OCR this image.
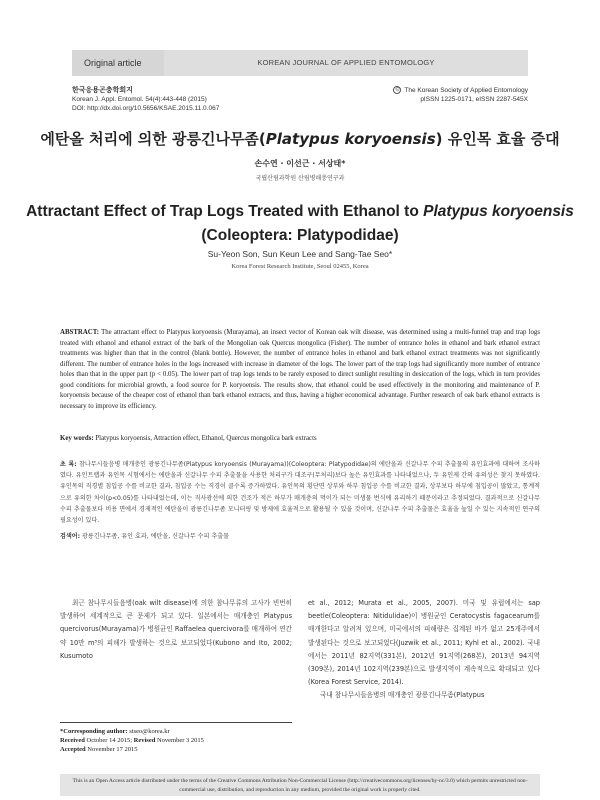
Original article	KOREAN JOURNAL OF APPLIED ENTOMOLOGY
한국응용곤충학회지
Korean J. Appl. Entomol. 54(4):443-448 (2015)
DOI: http://dx.doi.org/10.5656/KSAE.2015.11.0.067
© The Korean Society of Applied Entomology
pISSN 1225-0171, eISSN 2287-545X
에탄올 처리에 의한 광릉긴나무좀(Platypus koryoensis) 유인목 효율 증대
손수연 · 이선근 · 서상태*
국립산림과학원 산림병해충연구과
Attractant Effect of Trap Logs Treated with Ethanol to Platypus koryoensis
(Coleoptera: Platypodidae)
Su-Yeon Son, Sun Keun Lee and Sang-Tae Seo*
Korea Forest Research Institute, Seoul 02455, Korea
ABSTRACT: The attractant effect to Platypus koryoensis (Murayama), an insect vector of Korean oak wilt disease, was determined using a multi-funnel trap and trap logs treated with ethanol and ethanol extract of the bark of the Mongolian oak Quercus mongolica (Fisher). The number of entrance holes in ethanol and bark ethanol extract treatments was higher than that in the control (blank bottle). However, the number of entrance holes in ethanol and bark ethanol extract treatments was not significantly different. The number of entrance holes in the logs increased with increase in diameter of the logs. The lower part of the trap logs had significantly more number of entrance holes than that in the upper part (p < 0.05). The lower part of trap logs tends to be rarely exposed to direct sunlight resulting in desiccation of the logs, which in turn provides good conditions for microbial growth, a food source for P. koryoensis. The results show, that ethanol could be used effectively in the monitoring and maintenance of P. koryoensis because of the cheaper cost of ethanol than bark ethanol extracts, and thus, having a higher economical advantage. Further research of oak bark ethanol extracts is necessary to improve its efficiency.
Key words: Platypus koryoensis, Attraction effect, Ethanol, Quercus mongolica bark extracts
초 록: 참나무시들음병 매개충인 광릉긴나무좀(Platypus koryoensis (Murayama))(Coleoptera: Platypodidae)의 에탄올과 신갈나무 수피 추출물의 유인효과에 대하여 조사하였다. 유인트랩과 유인목 시험에서는 에탄올과 신갈나무 수피 추출물을 사용한 처리구가 대조구(무처리)보다 높은 유인효과를 나타내었으나, 두 유인제 간의 유의성은 찾지 못하였다. 유인목의 직경별 침입공 수를 비교한 결과, 침입공 수는 직경이 클수록 증가하였다. 유인목의 횡단면 상부와 하부 침입공 수를 비교한 결과, 상부보다 하부에 침입공이 많았고, 통계적으로 유의한 차이(p<0.05)를 나타내었는데, 이는 직사광선에 의한 건조가 적은 하부가 매개충의 먹이가 되는 미생물 번식에 유리하기 때문이라고 추정되었다. 결과적으로 신갈나무 수피 추출물보다 비용 면에서 경제적인 에탄올이 광릉긴나무좀 모니터링 및 방제에 효율적으로 활용될 수 있을 것이며, 신갈나무 수피 추출물은 효율을 높일 수 있는 지속적인 연구의 필요성이 있다.
검색어: 광릉긴나무좀, 유인 효과, 에탄올, 신갈나무 수피 추출물
최근 참나무시들음병(oak wilt disease)에 의한 참나무류의 고사가 빈번히 발생하여 세계적으로 큰 문제가 되고 있다. 일본에서는 매개충인 Platypus quercivorus(Murayama)가 병원균인 Raffaelea quercivora를 매개하여 연간 약 10만 m³의 피해가 발생하는 것으로 보고되었다(Kubono and Ito, 2002; Kusumoto

et al., 2012; Murata et al., 2005, 2007). 미국 및 유럽에서는 sap beetle(Coleoptera: Nitidulidae)이 병원균인 Ceratocystis fagacearum를 매개한다고 알려져 있으며, 미국에서의 피해량은 집계된 바가 없고 25개주에서 발생된다는 것으로 보고되었다(Juzwik et al., 2011; Kyhl et al., 2002). 국내에서는 2011년 82지역(331본), 2012년 91지역(268본), 2013년 94지역(309본), 2014년 102지역(239본)으로 발생지역이 계속적으로 확대되고 있다(Korea Forest Service, 2014).

국내 참나무시들음병의 매개충인 광릉긴나무좀(Platypus

*Corresponding author: stseo@korea.kr
Received October 14 2015; Revised November 3 2015
Accepted November 17 2015
This is an Open Access article distributed under the terms of the Creative Commons Attribution Non-Commercial License (http://creativecommons.org/licenses/by-nc/3.0) which permits unrestricted non-commercial use, distribution, and reproduction in any medium, provided the original work is properly cited.
